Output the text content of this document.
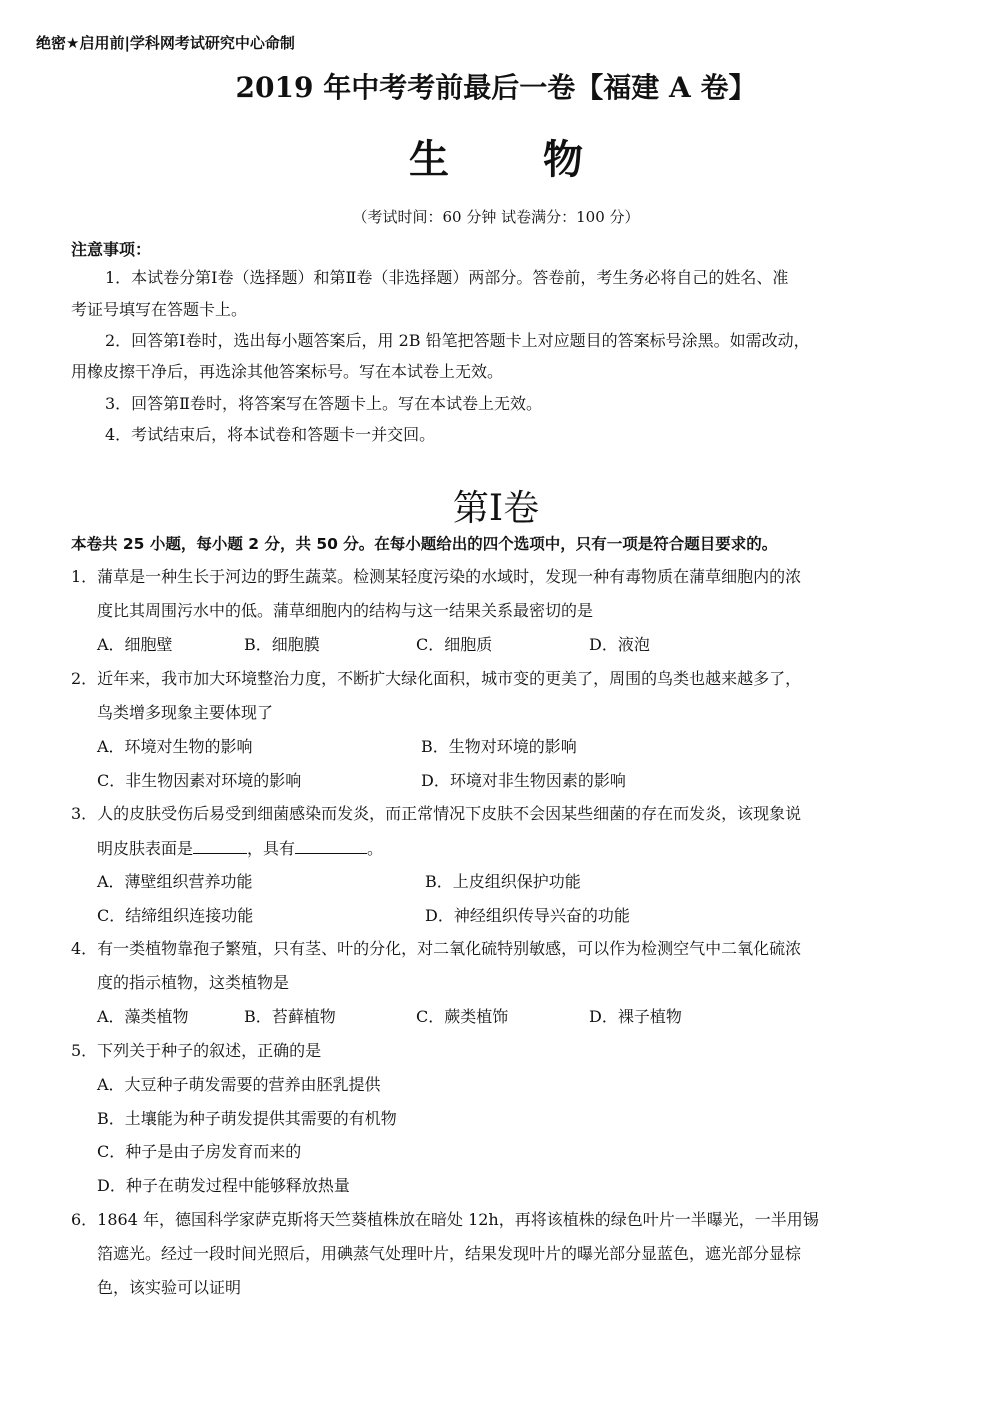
绝密★启用前|学科网考试研究中心命制
2019 年中考考前最后一卷【福建 A 卷】
生 物
（考试时间：60 分钟 试卷满分：100 分）
注意事项：
1．本试卷分第Ⅰ卷（选择题）和第Ⅱ卷（非选择题）两部分。答卷前，考生务必将自己的姓名、准
考证号填写在答题卡上。
2．回答第Ⅰ卷时，选出每小题答案后，用 2B 铅笔把答题卡上对应题目的答案标号涂黑。如需改动，
用橡皮擦干净后，再选涂其他答案标号。写在本试卷上无效。
3．回答第Ⅱ卷时，将答案写在答题卡上。写在本试卷上无效。
4．考试结束后，将本试卷和答题卡一并交回。
第Ⅰ卷
本卷共 25 小题，每小题 2 分，共 50 分。在每小题给出的四个选项中，只有一项是符合题目要求的。
1．蒲草是一种生长于河边的野生蔬菜。检测某轻度污染的水域时，发现一种有毒物质在蒲草细胞内的浓
度比其周围污水中的低。蒲草细胞内的结构与这一结果关系最密切的是
A．细胞壁	B．细胞膜	C．细胞质	D．液泡
2．近年来，我市加大环境整治力度，不断扩大绿化面积，城市变的更美了，周围的鸟类也越来越多了，
鸟类增多现象主要体现了
A．环境对生物的影响	B．生物对环境的影响
C．非生物因素对环境的影响	D．环境对非生物因素的影响
3．人的皮肤受伤后易受到细菌感染而发炎，而正常情况下皮肤不会因某些细菌的存在而发炎，该现象说
明皮肤表面是	，具有	。
A．薄壁组织营养功能	B．上皮组织保护功能
C．结缔组织连接功能	D．神经组织传导兴奋的功能
4．有一类植物靠孢子繁殖，只有茎、叶的分化，对二氧化硫特别敏感，可以作为检测空气中二氧化硫浓
度的指示植物，这类植物是
A．藻类植物	B．苔藓植物	C．蕨类植饰	D．裸子植物
5．下列关于种子的叙述，正确的是
A．大豆种子萌发需要的营养由胚乳提供
B．土壤能为种子萌发提供其需要的有机物
C．种子是由子房发育而来的
D．种子在萌发过程中能够释放热量
6．1864 年，德国科学家萨克斯将天竺葵植株放在暗处 12h，再将该植株的绿色叶片一半曝光，一半用锡
箔遮光。经过一段时间光照后，用碘蒸气处理叶片，结果发现叶片的曝光部分显蓝色，遮光部分显棕
色，该实验可以证明
